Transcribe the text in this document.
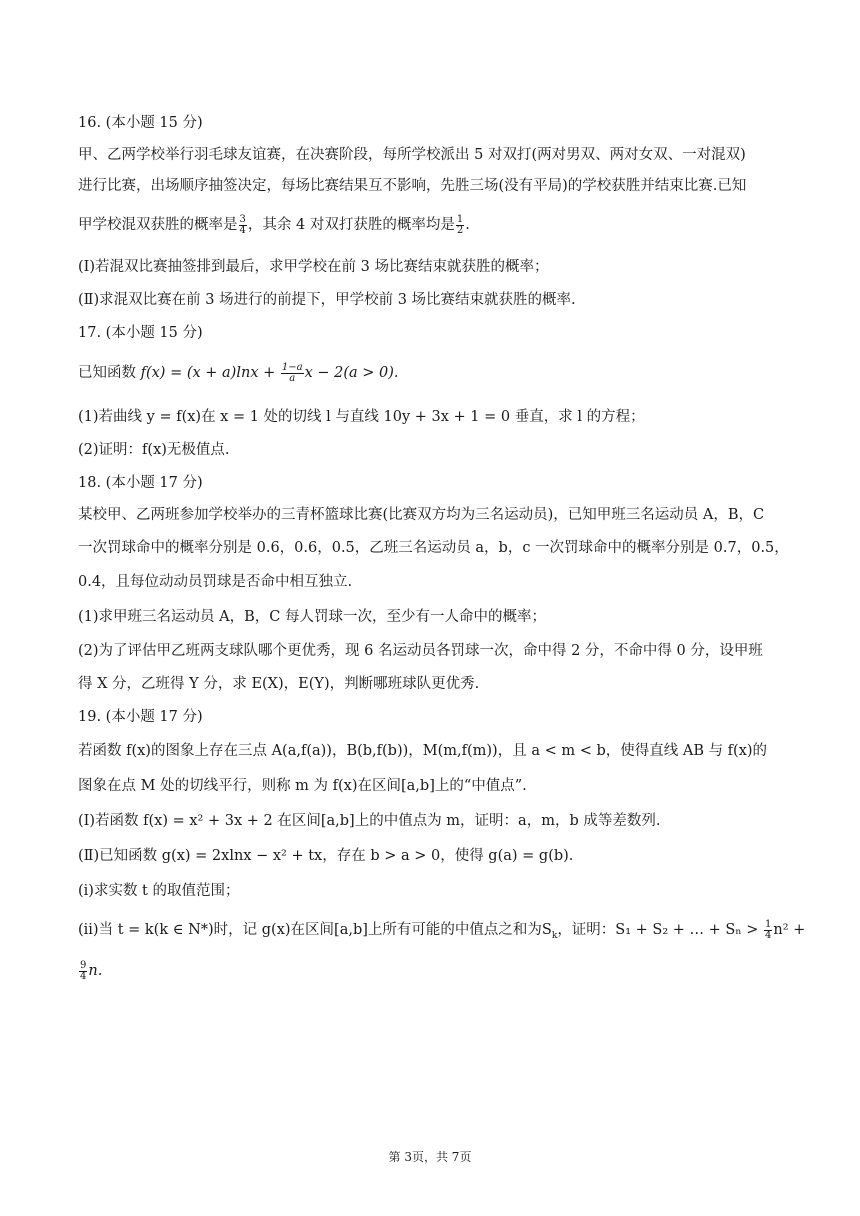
16. (本小题 15 分)
甲、乙两学校举行羽毛球友谊赛，在决赛阶段，每所学校派出 5 对双打(两对男双、两对女双、一对混双)
进行比赛，出场顺序抽签决定，每场比赛结果互不影响，先胜三场(没有平局)的学校获胜并结束比赛.已知
甲学校混双获胜的概率是 $\frac{3}{4}$ ，其余 4 对双打获胜的概率均是 $\frac{1}{2}$ .
(Ⅰ)若混双比赛抽签排到最后，求甲学校在前 3 场比赛结束就获胜的概率；
(Ⅱ)求混双比赛在前 3 场进行的前提下，甲学校前 3 场比赛结束就获胜的概率.
17. (本小题 15 分)
已知函数 $f(x) = (x + a)\ln x + \frac{1-a}{a}$ x − 2(a > 0).
(1)若曲线 y = f(x)在 x = 1 处的切线 l 与直线 10y + 3x + 1 = 0 垂直，求 l 的方程；
(2)证明：f(x)无极值点.
18. (本小题 17 分)
某校甲、乙两班参加学校举办的三青杯篮球比赛(比赛双方均为三名运动员)，已知甲班三名运动员 A，B，C
一次罚球命中的概率分别是 0.6，0.6，0.5，乙班三名运动员 a，b，c 一次罚球命中的概率分别是 0.7，0.5，
0.4，且每位动动员罚球是否命中相互独立.
(1)求甲班三名运动员 A，B，C 每人罚球一次，至少有一人命中的概率；
(2)为了评估甲乙班两支球队哪个更优秀，现 6 名运动员各罚球一次，命中得 2 分，不命中得 0 分，设甲班
得 X 分，乙班得 Y 分，求 E(X)，E(Y)，判断哪班球队更优秀.
19. (本小题 17 分)
若函数 f(x)的图象上存在三点 A(a,f(a))，B(b,f(b))，M(m,f(m))，且 a < m < b，使得直线 AB 与 f(x)的
图象在点 M 处的切线平行，则称 m 为 f(x)在区间[a,b]上的“中值点”.
(Ⅰ)若函数 f(x) = x² + 3x + 2 在区间[a,b]上的中值点为 m，证明：a，m，b 成等差数列.
(Ⅱ)已知函数 g(x) = 2xlnx − x² + tx，存在 b > a > 0，使得 g(a) = g(b).
(i)求实数 t 的取值范围；
(ii)当 t = k(k ∈ N*)时，记 g(x)在区间[a,b]上所有可能的中值点之和为$S_k$，证明：S₁ + S₂ + … + $S_n > \frac{1}{4} n^2$ +
$\frac{9}{4} n$.
第 3页，共 7页
